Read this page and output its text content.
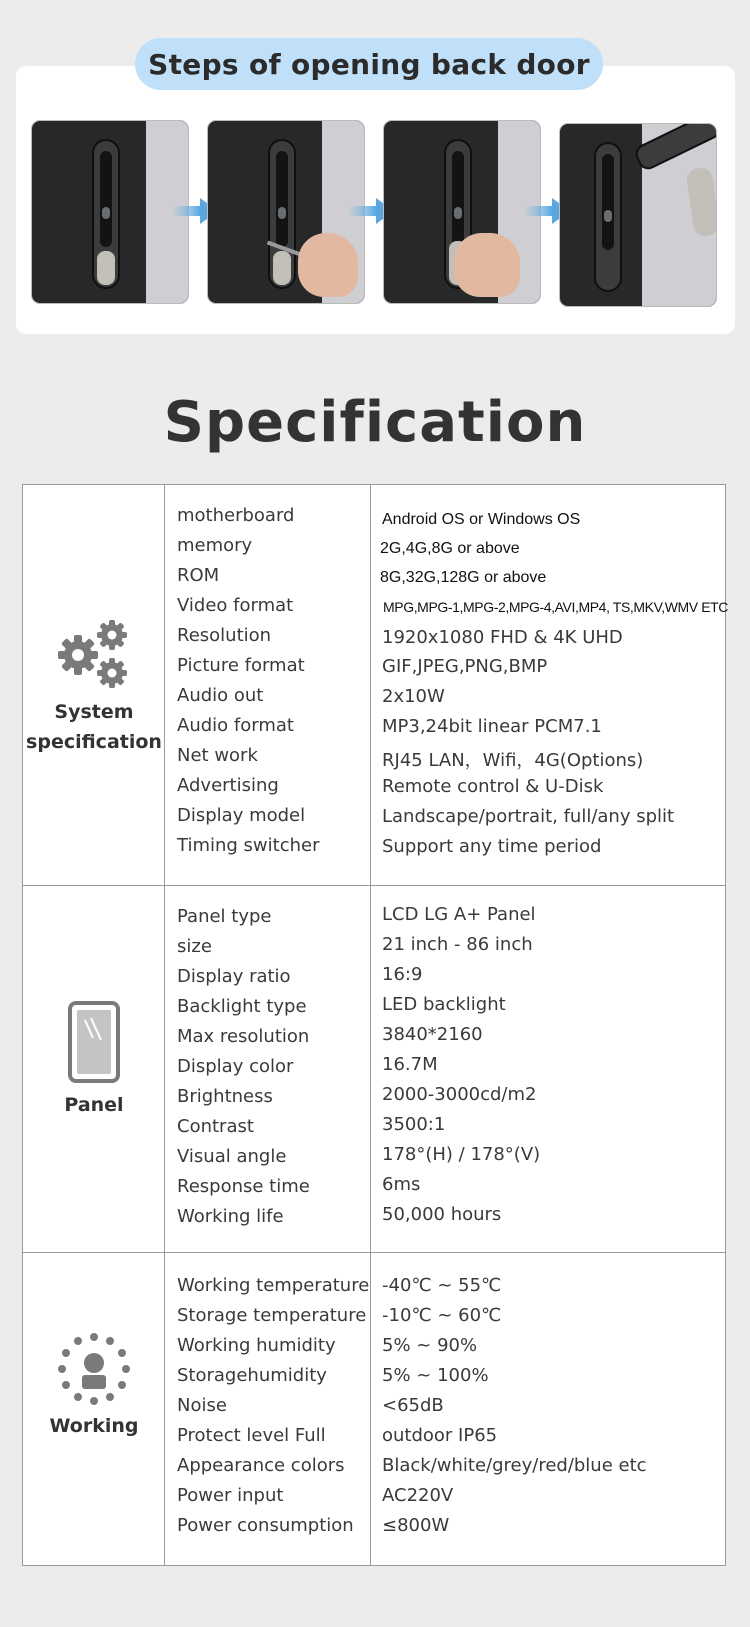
Steps of opening back door
Specification
System
specification
Panel
Working
motherboard	Android OS or Windows OS
memory	2G,4G,8G or above
ROM	8G,32G,128G or above
Video format	MPG,MPG-1,MPG-2,MPG-4,AVI,MP4, TS,MKV,WMV ETC
Resolution	1920x1080 FHD & 4K UHD
Picture format	GIF,JPEG,PNG,BMP
Audio out	2x10W
Audio format	MP3,24bit linear PCM7.1
Net work	RJ45 LAN，Wifi，4G(Options)
Advertising	Remote control & U-Disk
Display model	Landscape/portrait, full/any split
Timing switcher	Support any time period
Panel type	LCD LG A+ Panel
size	21 inch - 86 inch
Display ratio	16:9
Backlight type	LED backlight
Max resolution	3840*2160
Display color	16.7M
Brightness	2000-3000cd/m2
Contrast	3500:1
Visual angle	178°(H) / 178°(V)
Response time	6ms
Working life	50,000 hours
Working temperature -40℃ ~ 55℃
Storage temperature -10℃ ~ 60℃
Working humidity	5% ~ 90%
Storagehumidity	5% ~ 100%
Noise	<65dB
Protect level Full	outdoor IP65
Appearance colors Black/white/grey/red/blue etc
Power input	AC220V
Power consumption ≤800W
